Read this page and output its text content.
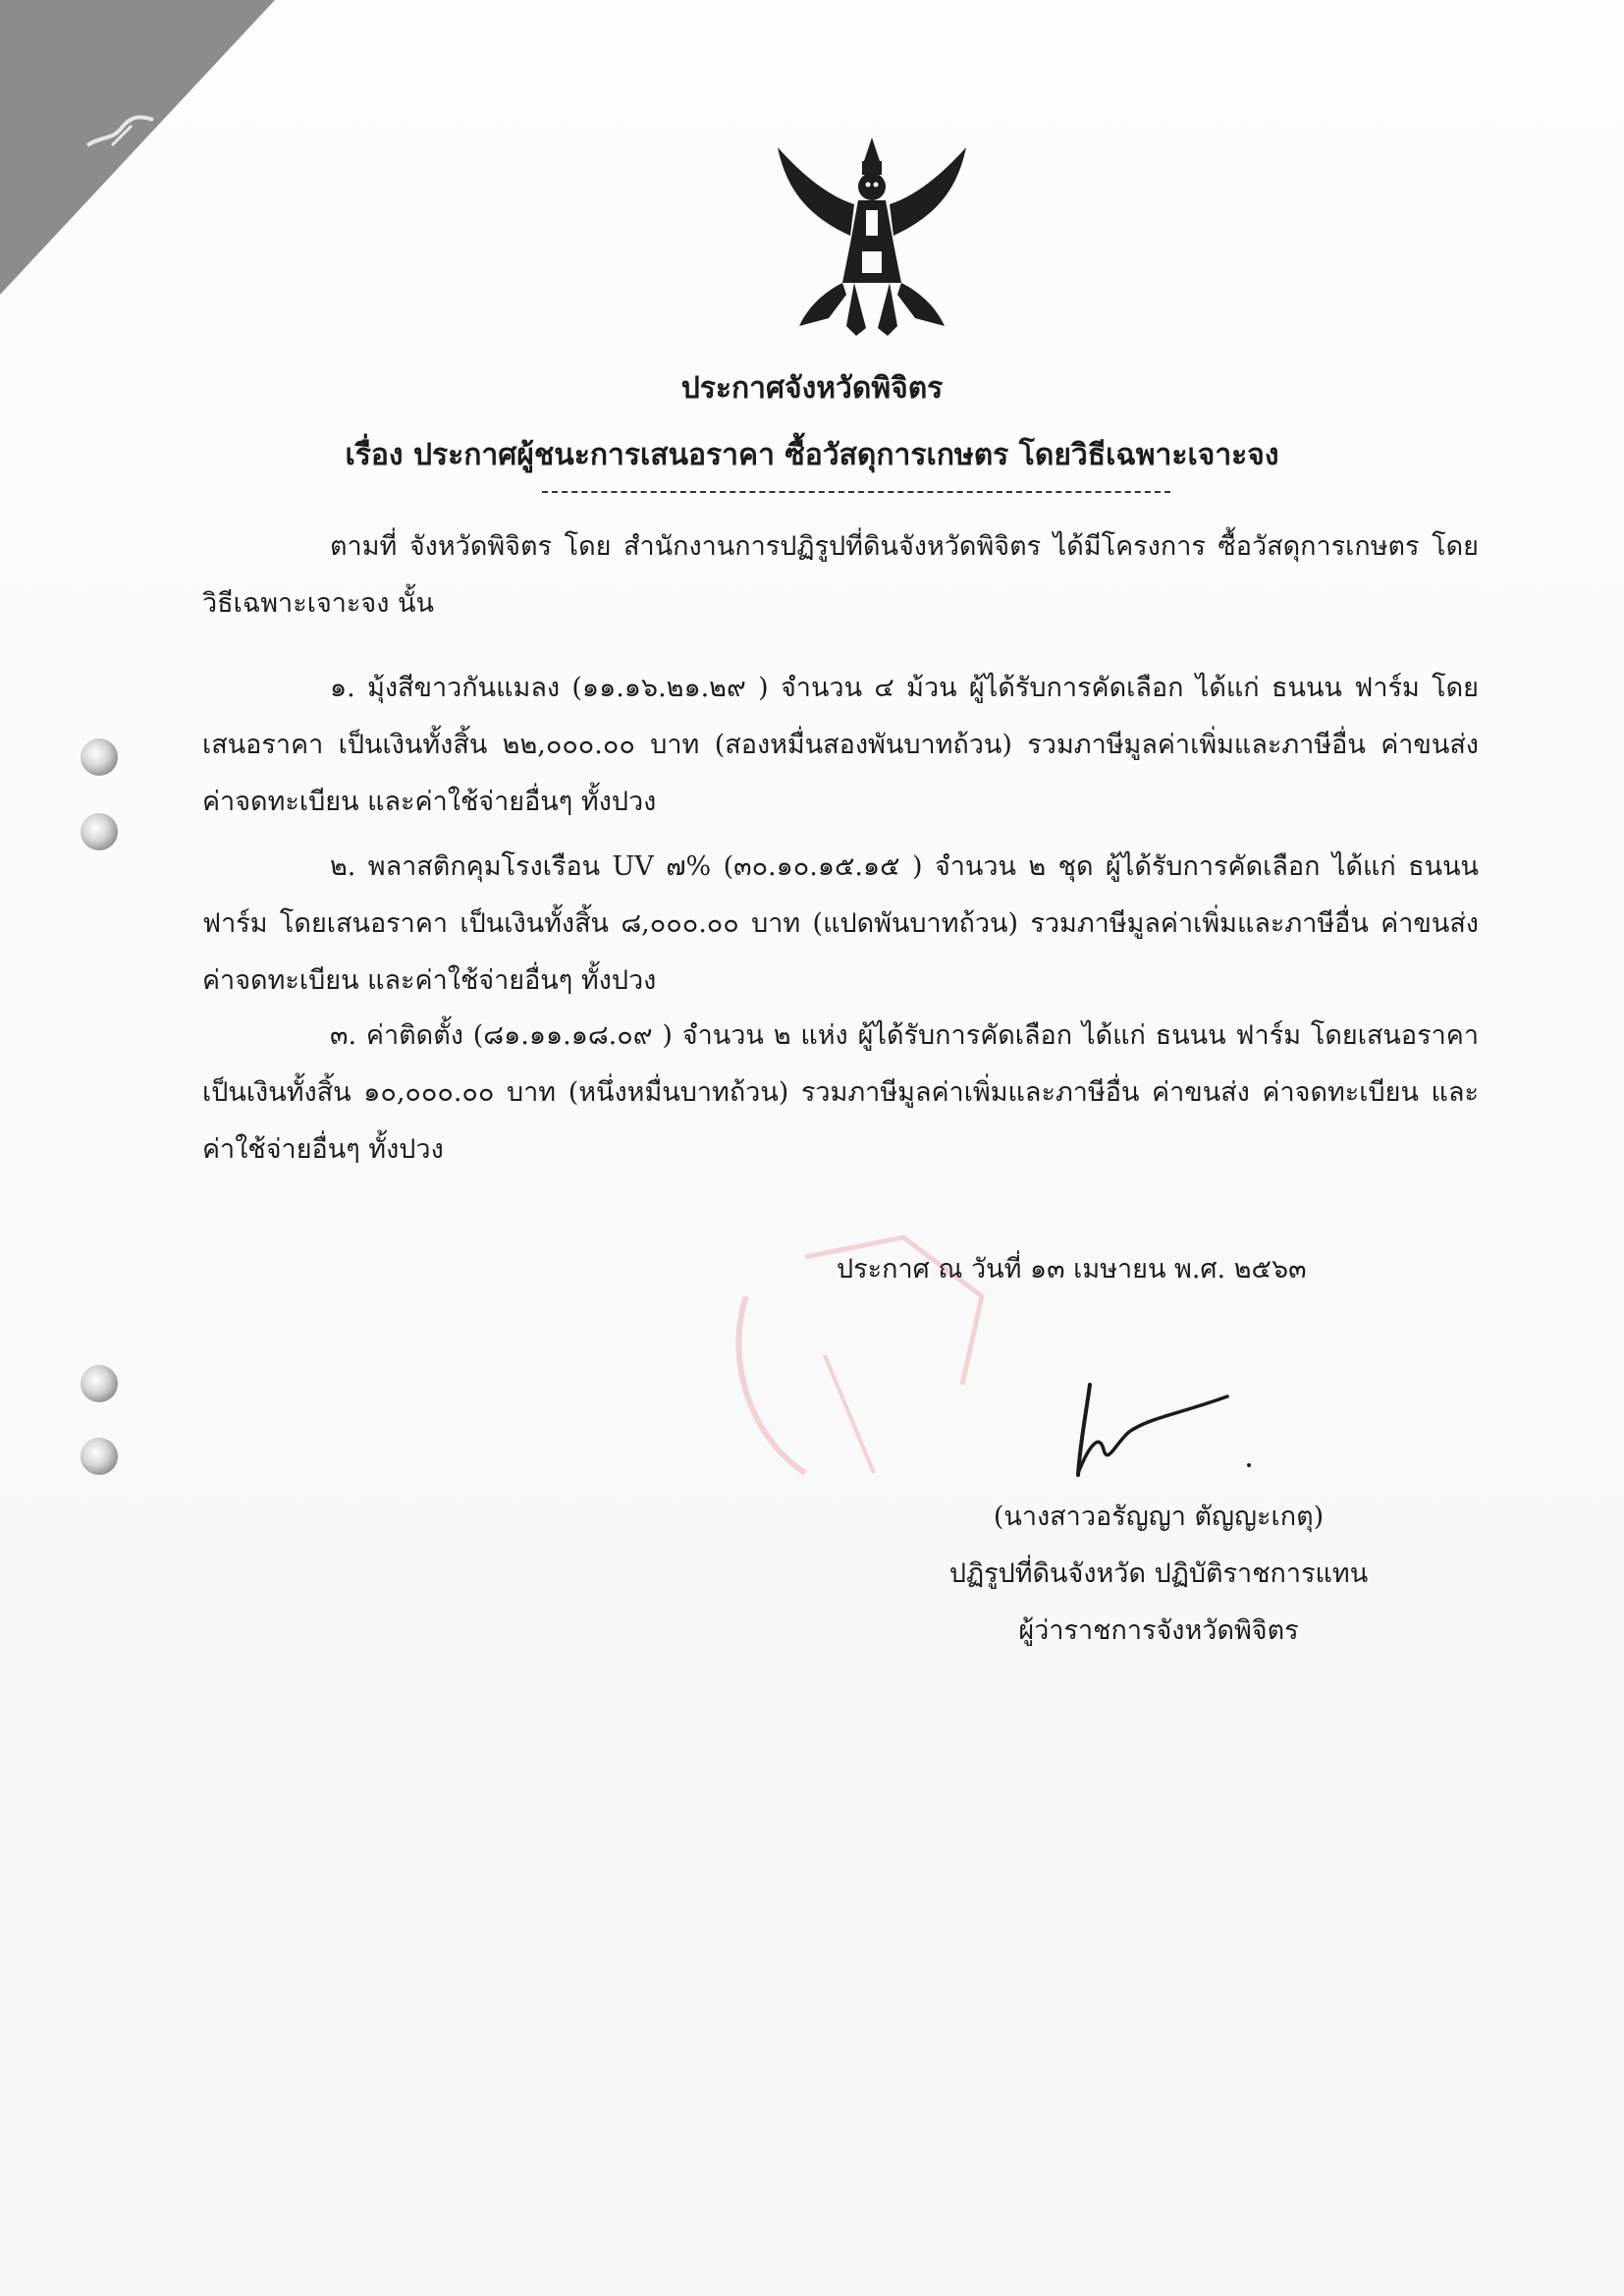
ประกาศจังหวัดพิจิตร
เรื่อง ประกาศผู้ชนะการเสนอราคา ซื้อวัสดุการเกษตร โดยวิธีเฉพาะเจาะจง
ตามที่ จังหวัดพิจิตร โดย สำนักงานการปฏิรูปที่ดินจังหวัดพิจิตร ได้มีโครงการ ซื้อวัสดุการเกษตร โดยวิธีเฉพาะเจาะจง นั้น
๑. มุ้งสีขาวกันแมลง (๑๑.๑๖.๒๑.๒๙ ) จำนวน ๔ ม้วน ผู้ได้รับการคัดเลือก ได้แก่ ธนนน ฟาร์ม โดยเสนอราคา เป็นเงินทั้งสิ้น ๒๒,๐๐๐.๐๐ บาท (สองหมื่นสองพันบาทถ้วน) รวมภาษีมูลค่าเพิ่มและภาษีอื่น ค่าขนส่ง ค่าจดทะเบียน และค่าใช้จ่ายอื่นๆ ทั้งปวง
๒. พลาสติกคุมโรงเรือน UV ๗% (๓๐.๑๐.๑๕.๑๕ ) จำนวน ๒ ชุด ผู้ได้รับการคัดเลือก ได้แก่ ธนนน ฟาร์ม โดยเสนอราคา เป็นเงินทั้งสิ้น ๘,๐๐๐.๐๐ บาท (แปดพันบาทถ้วน) รวมภาษีมูลค่าเพิ่มและภาษีอื่น ค่าขนส่ง ค่าจดทะเบียน และค่าใช้จ่ายอื่นๆ ทั้งปวง
๓. ค่าติดตั้ง (๘๑.๑๑.๑๘.๐๙ ) จำนวน ๒ แห่ง ผู้ได้รับการคัดเลือก ได้แก่ ธนนน ฟาร์ม โดยเสนอราคาเป็นเงินทั้งสิ้น ๑๐,๐๐๐.๐๐ บาท (หนึ่งหมื่นบาทถ้วน) รวมภาษีมูลค่าเพิ่มและภาษีอื่น ค่าขนส่ง ค่าจดทะเบียน และค่าใช้จ่ายอื่นๆ ทั้งปวง
ประกาศ ณ วันที่ ๑๓ เมษายน พ.ศ. ๒๕๖๓
(นางสาวอรัญญา ตัญญะเกตุ)
ปฏิรูปที่ดินจังหวัด ปฏิบัติราชการแทน
ผู้ว่าราชการจังหวัดพิจิตร
